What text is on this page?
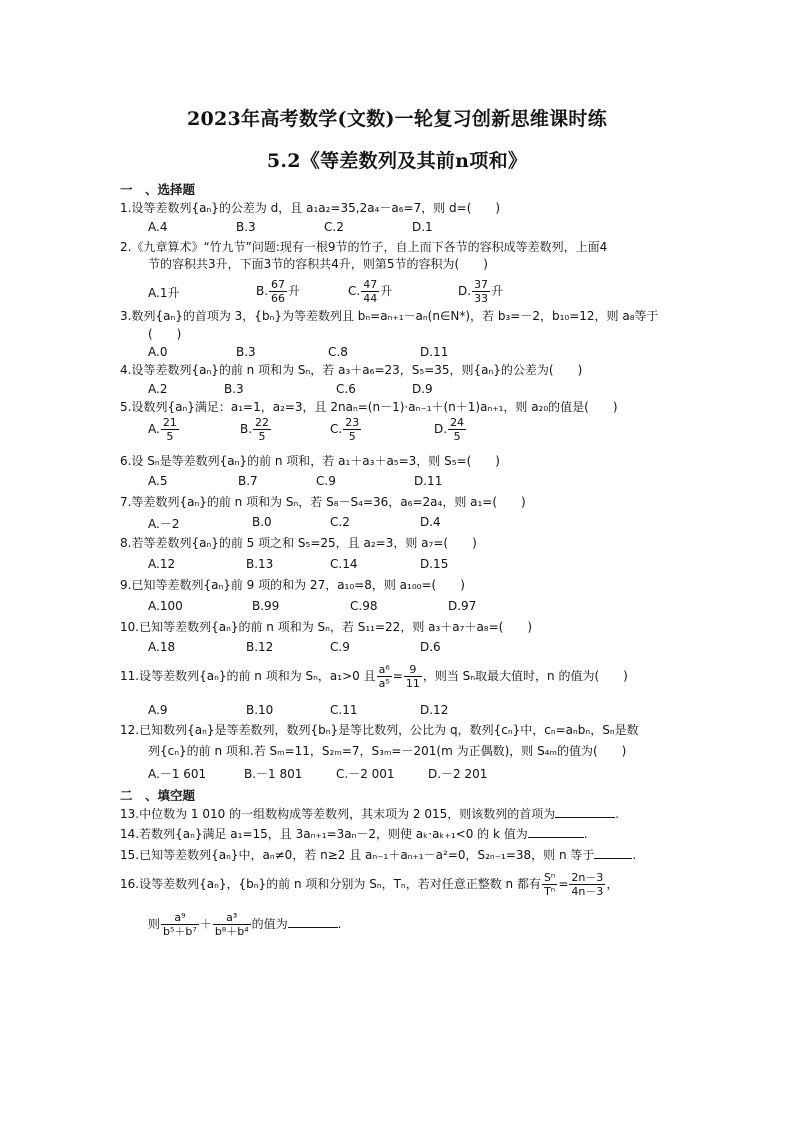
2023年高考数学(文数)一轮复习创新思维课时练
5.2《等差数列及其前n项和》
一　、选择题
1.设等差数列{aₙ}的公差为 d，且 a₁a₂=35,2a₄－a₆=7，则 d=(　　)
A.4	B.3	C.2	D.1
2.《九章算术》“竹九节”问题:现有一根9节的竹子，自上而下各节的容积成等差数列，上面4
节的容积共3升，下面3节的容积共4升，则第5节的容积为(　　)
A.1升	B. $\frac{67}{66}$ 升	C. $\frac{47}{44}$ 升	D. $\frac{37}{33}$ 升
3.数列{aₙ}的首项为 3，{bₙ}为等差数列且 bₙ=aₙ₊₁－aₙ(n∈N*)，若 b₃=－2，b₁₀=12，则 a₈等于
(　　)
A.0	B.3	C.8	D.11
4.设等差数列{aₙ}的前 n 项和为 Sₙ，若 a₃＋a₆=23，S₅=35，则{aₙ}的公差为(　　)
A.2	B.3	C.6	D.9
5.设数列{aₙ}满足：a₁=1，a₂=3，且 2naₙ=(n－1)·aₙ₋₁＋(n＋1)aₙ₊₁，则 a₂₀的值是(　　)
A. $\frac{21}{5}$	B. $\frac{22}{5}$	C. $\frac{23}{5}$	D. $\frac{24}{5}$
6.设 Sₙ是等差数列{aₙ}的前 n 项和，若 a₁＋a₃＋a₅=3，则 S₅=(　　)
A.5	B.7	C.9	D.11
7.等差数列{aₙ}的前 n 项和为 Sₙ，若 S₈－S₄=36，a₆=2a₄，则 a₁=(　　)
A.－2	B.0	C.2	D.4
8.若等差数列{aₙ}的前 5 项之和 S₅=25，且 a₂=3，则 a₇=(　　)
A.12	B.13	C.14	D.15
9.已知等差数列{aₙ}前 9 项的和为 27，a₁₀=8，则 a₁₀₀=(　　)
A.100	B.99	C.98	D.97
10.已知等差数列{aₙ}的前 n 项和为 Sₙ，若 S₁₁=22，则 a₃＋a₇＋a₈=(　　)
A.18	B.12	C.9	D.6
11.设等差数列{aₙ}的前 n 项和为 Sₙ，a₁>0 且 $\frac{\text{a⁶}}{\text{a⁵}} = \frac{9}{11}$ ，则当 Sₙ取最大值时，n 的值为(　　)
A.9	B.10	C.11	D.12
12.已知数列{aₙ}是等差数列，数列{bₙ}是等比数列，公比为 q，数列{cₙ}中，cₙ=aₙbₙ，Sₙ是数
列{cₙ}的前 n 项和.若 Sₘ=11，S₂ₘ=7，S₃ₘ=－201(m 为正偶数)，则 S₄ₘ的值为(　　)
A.－1 601	B.－1 801	C.－2 001	D.－2 201
二　、填空题
13.中位数为 1 010 的一组数构成等差数列，其末项为 2 015，则该数列的首项为	.
14.若数列{aₙ}满足 a₁=15，且 3aₙ₊₁=3aₙ－2，则使 aₖ·aₖ₊₁<0 的 k 值为	.
15.已知等差数列{aₙ}中，aₙ≠0，若 n≥2 且 aₙ₋₁＋aₙ₊₁－a²=0，S₂ₙ₋₁=38，则 n 等于	.
16.设等差数列{aₙ}，{bₙ}的前 n 项和分别为 Sₙ，Tₙ，若对任意正整数 n 都有 $\frac{\text{Sⁿ}}{\text{Tⁿ}} = \frac{2n-3}{4n-3}$ ，
则 $\frac{\text{a⁹}}{\text{b⁵＋b⁷}} + \frac{\text{a³}}{\text{b⁸＋b⁴}}$ 的值为	.
